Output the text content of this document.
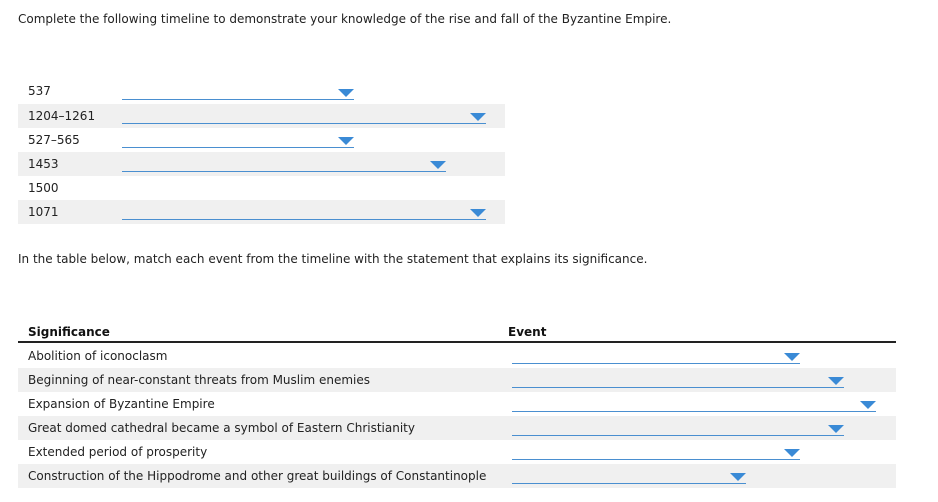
Complete the following timeline to demonstrate your knowledge of the rise and fall of the Byzantine Empire.
537
1204–1261
527–565
1453
1500
1071
In the table below, match each event from the timeline with the statement that explains its significance.
Significance	Event
Abolition of iconoclasm
Beginning of near-constant threats from Muslim enemies
Expansion of Byzantine Empire
Great domed cathedral became a symbol of Eastern Christianity
Extended period of prosperity
Construction of the Hippodrome and other great buildings of Constantinople
